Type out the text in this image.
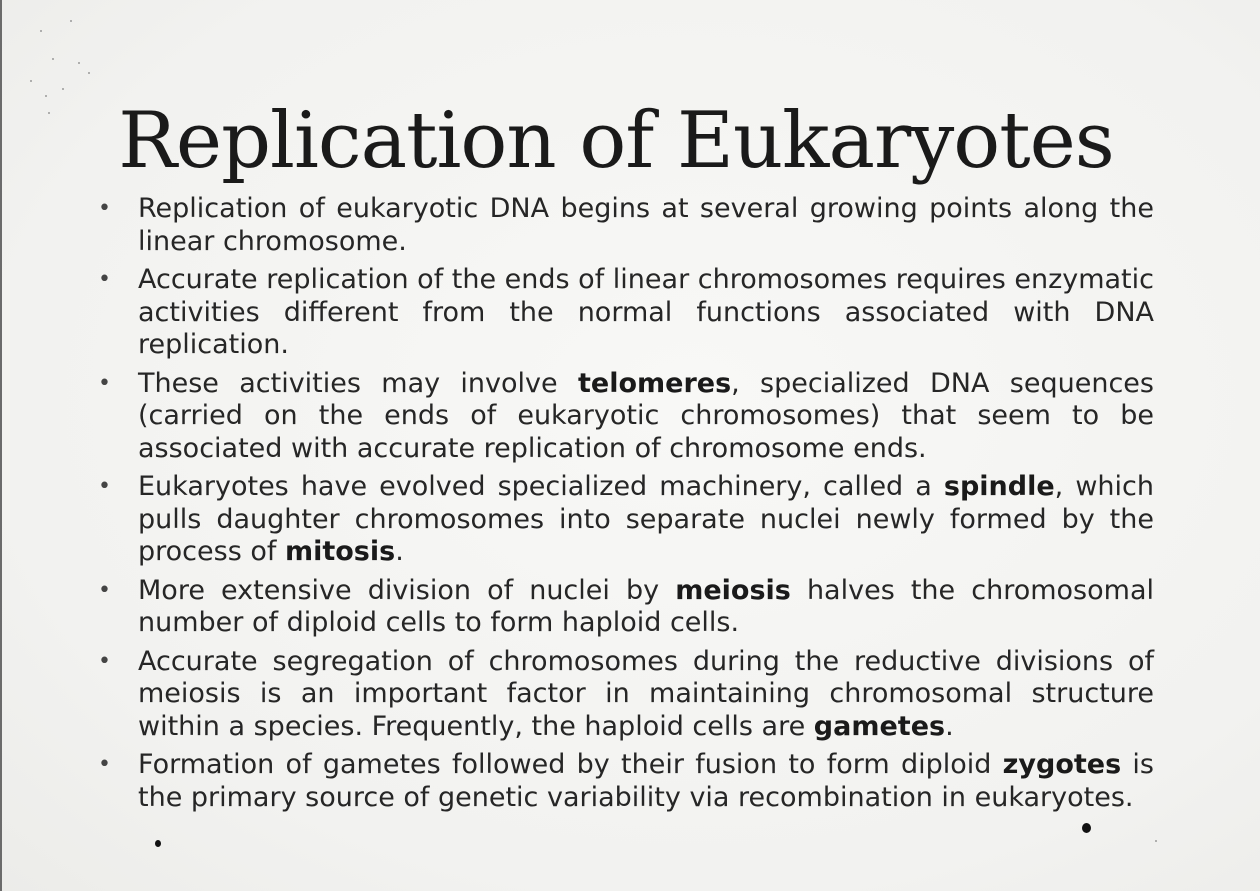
Replication of Eukaryotes
• Replication of eukaryotic DNA begins at several growing points along the linear chromosome.
• Accurate replication of the ends of linear chromosomes requires enzymatic activities different from the normal functions associated with DNA replication.
• These activities may involve telomeres, specialized DNA sequences (carried on the ends of eukaryotic chromosomes) that seem to be associated with accurate replication of chromosome ends.
• Eukaryotes have evolved specialized machinery, called a spindle, which pulls daughter chromosomes into separate nuclei newly formed by the process of mitosis.
• More extensive division of nuclei by meiosis halves the chromosomal number of diploid cells to form haploid cells.
• Accurate segregation of chromosomes during the reductive divisions of meiosis is an important factor in maintaining chromosomal structure within a species. Frequently, the haploid cells are gametes.
• Formation of gametes followed by their fusion to form diploid zygotes is the primary source of genetic variability via recombination in eukaryotes.
